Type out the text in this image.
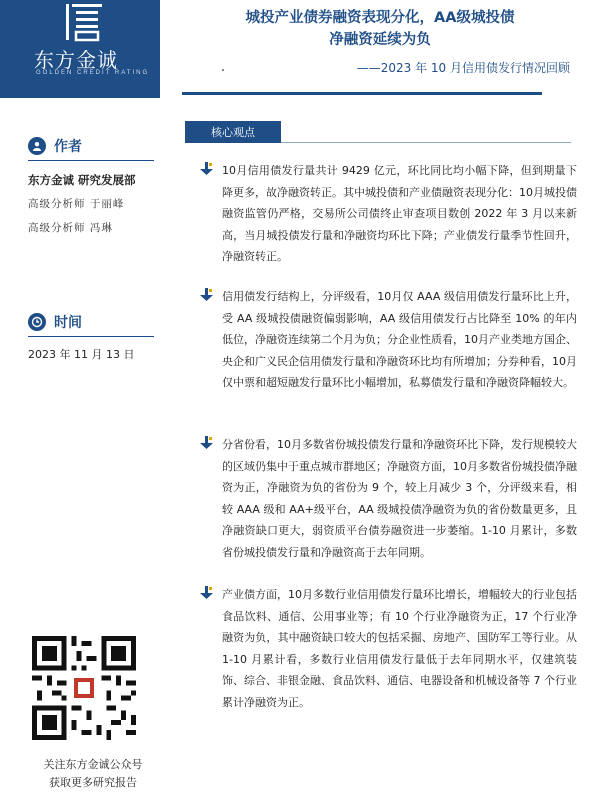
东方金诚
GOLDEN CREDIT RATING
作者
东方金诚 研究发展部
高级分析师 于丽峰
高级分析师 冯琳
时间
2023 年 11 月 13 日
关注东方金诚公众号
获取更多研究报告
城投产业债券融资表现分化，AA级城投债
净融资延续为负
——2023 年 10 月信用债发行情况回顾
核心观点
10月信用债发行量共计 9429 亿元，环比同比均小幅下降，但到期量下降更多，故净融资转正。其中城投债和产业债融资表现分化：10月城投债融资监管仍严格，交易所公司债终止审查项目数创 2022 年 3 月以来新高，当月城投债发行量和净融资均环比下降；产业债发行量季节性回升，净融资转正。
信用债发行结构上，分评级看，10月仅 AAA 级信用债发行量环比上升，受 AA 级城投债融资偏弱影响，AA 级信用债发行占比降至 10% 的年内低位，净融资连续第二个月为负；分企业性质看，10月产业类地方国企、央企和广义民企信用债发行量和净融资环比均有所增加；分券种看，10月仅中票和超短融发行量环比小幅增加，私募债发行量和净融资降幅较大。
分省份看，10月多数省份城投债发行量和净融资环比下降，发行规模较大的区域仍集中于重点城市群地区；净融资方面，10月多数省份城投债净融资为正，净融资为负的省份为 9 个，较上月减少 3 个，分评级来看，相较 AAA 级和 AA+级平台，AA 级城投债净融资为负的省份数量更多，且净融资缺口更大，弱资质平台债券融资进一步萎缩。1-10 月累计，多数省份城投债发行量和净融资高于去年同期。
产业债方面，10月多数行业信用债发行量环比增长，增幅较大的行业包括食品饮料、通信、公用事业等；有 10 个行业净融资为正，17 个行业净融资为负，其中融资缺口较大的包括采掘、房地产、国防军工等行业。从 1-10 月累计看，多数行业信用债发行量低于去年同期水平，仅建筑装饰、综合、非银金融、食品饮料、通信、电器设备和机械设备等 7 个行业累计净融资为正。
